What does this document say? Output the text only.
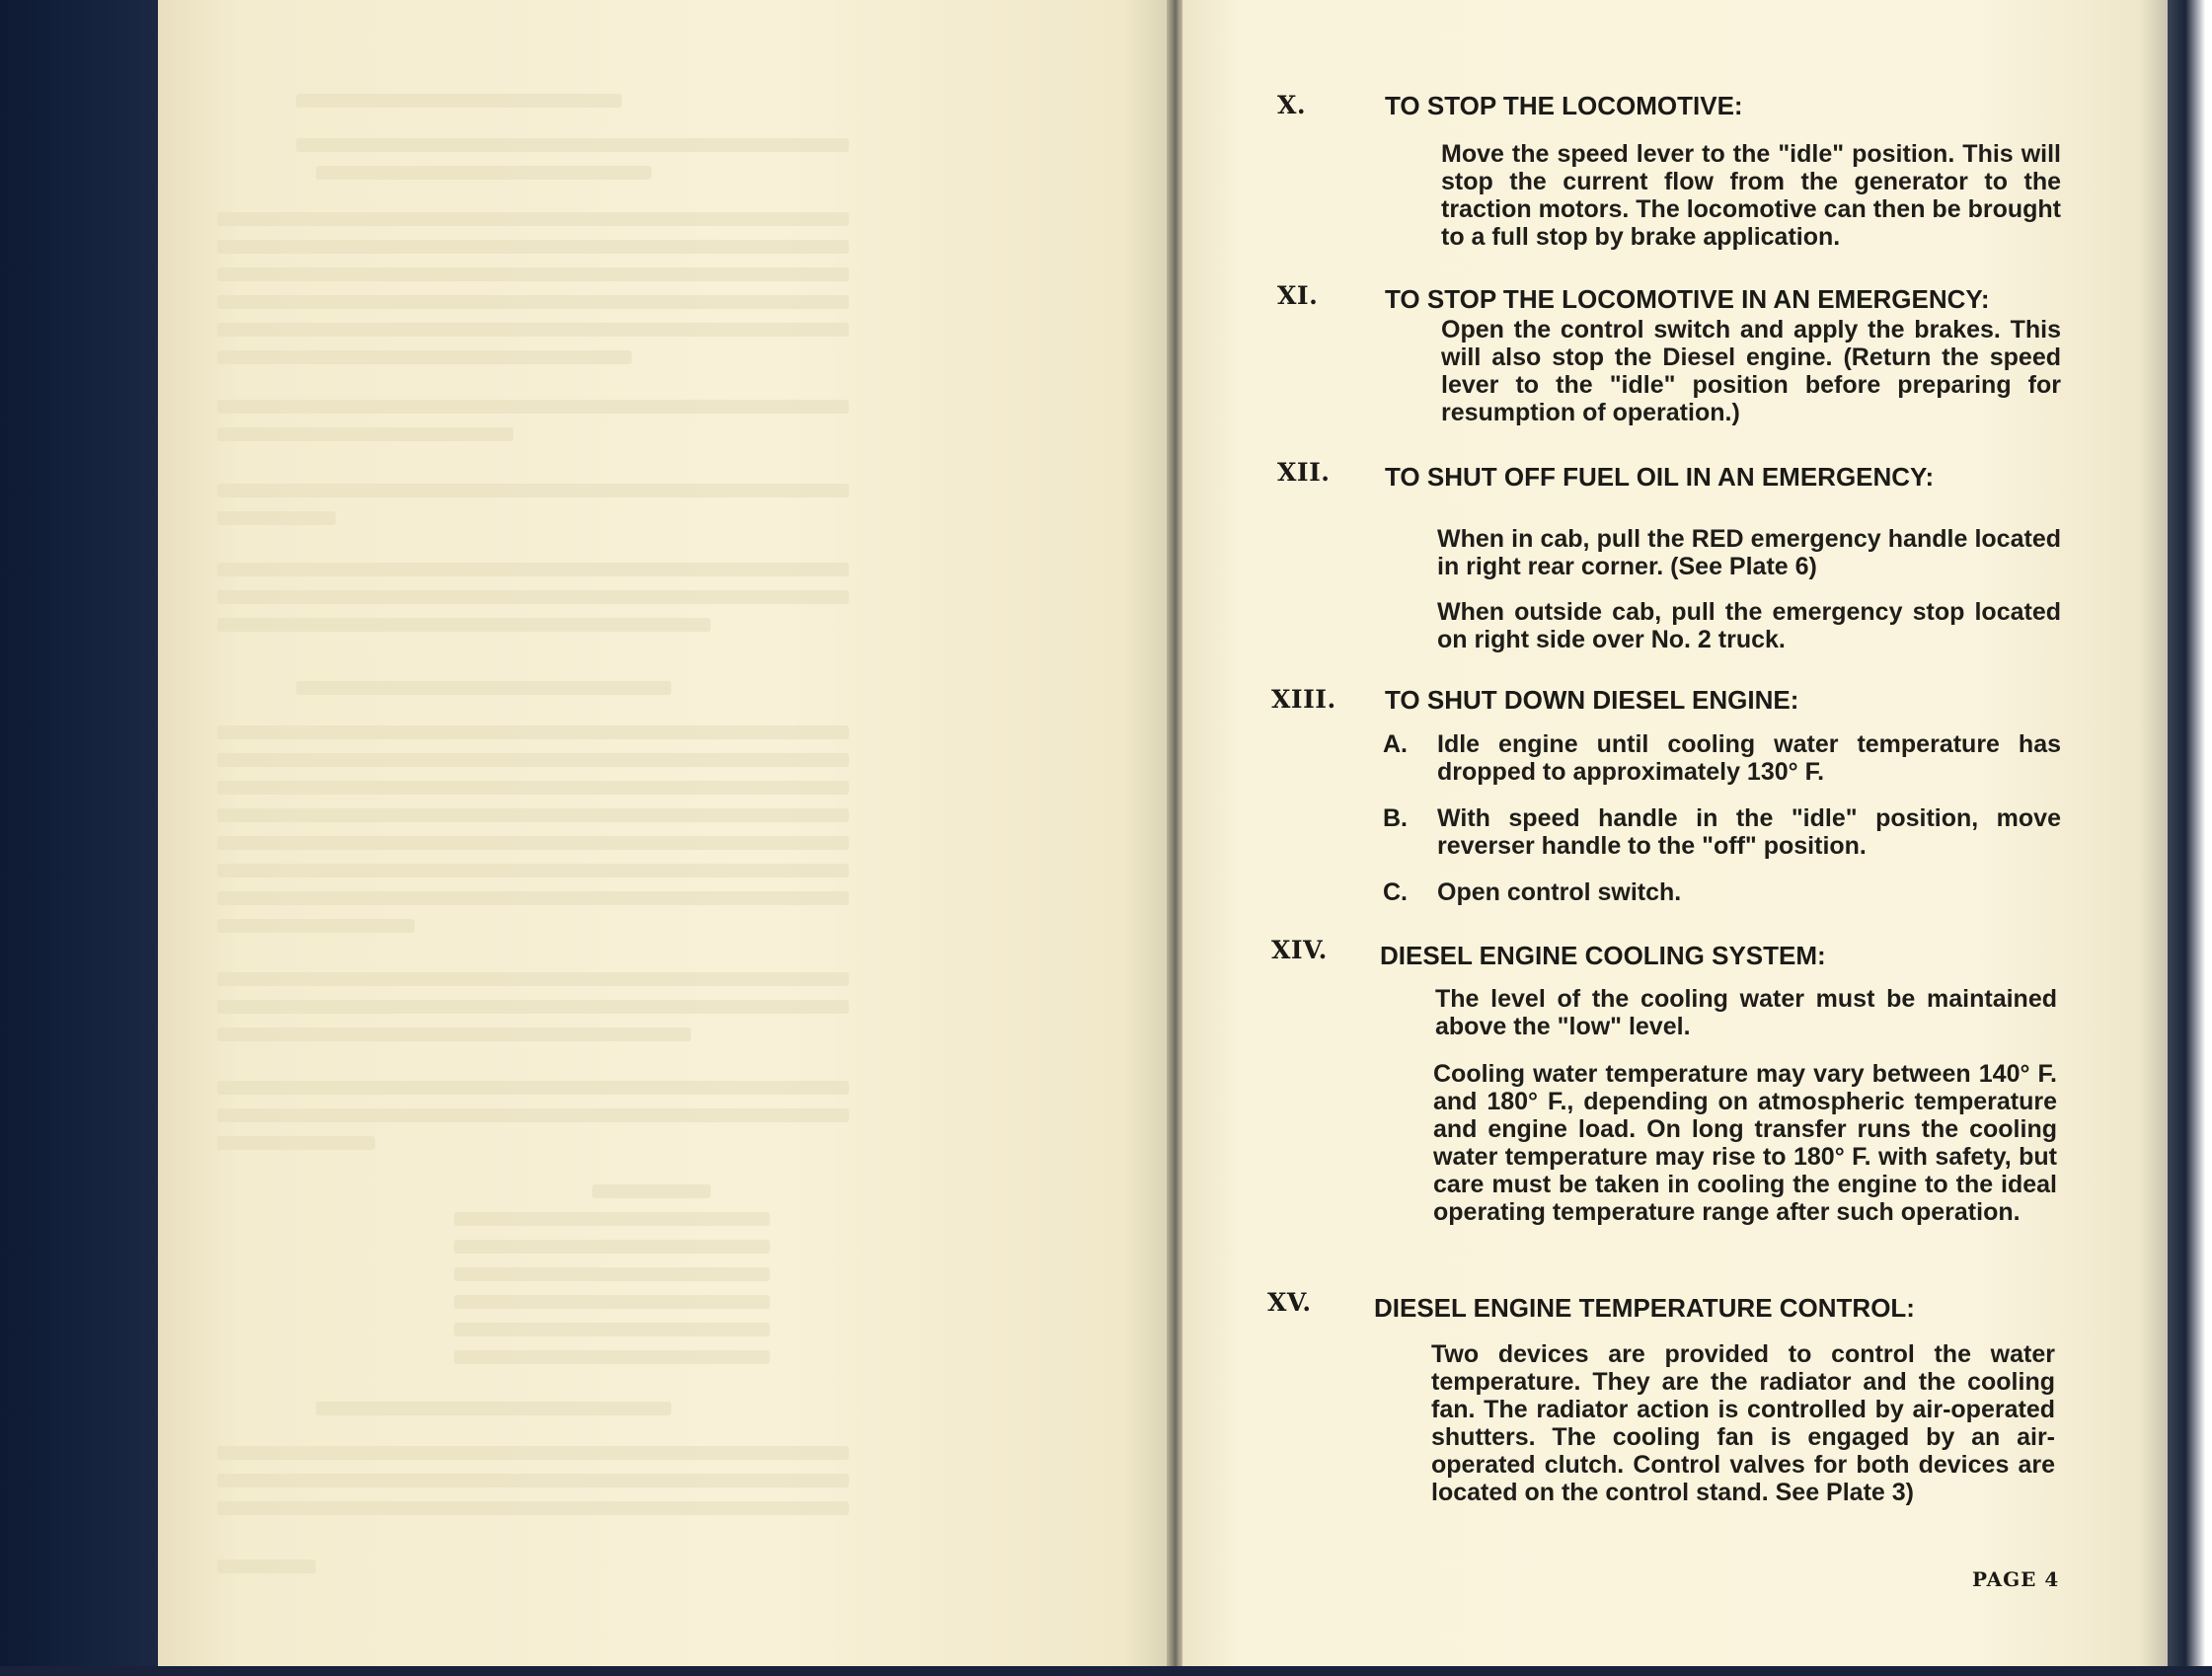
X.	TO STOP THE LOCOMOTIVE:
Move the speed lever to the "idle" position. This will stop the current flow from the generator to the traction motors. The locomotive can then be brought to a full stop by brake application.
XI.	TO STOP THE LOCOMOTIVE IN AN EMERGENCY:
Open the control switch and apply the brakes. This will also stop the Diesel engine. (Return the speed lever to the "idle" position before preparing for resumption of operation.)
XII. TO SHUT OFF FUEL OIL IN AN EMERGENCY:
When in cab, pull the RED emergency handle located in right rear corner. (See Plate 6)
When outside cab, pull the emergency stop located on right side over No. 2 truck.
XIII. TO SHUT DOWN DIESEL ENGINE:
A. Idle engine until cooling water temperature has dropped to approximately 130° F.
B. With speed handle in the "idle" position, move reverser handle to the "off" position.
C. Open control switch.
XIV. DIESEL ENGINE COOLING SYSTEM:
The level of the cooling water must be maintained above the "low" level.
Cooling water temperature may vary between 140° F. and 180° F., depending on atmospheric temperature and engine load. On long transfer runs the cooling water temperature may rise to 180° F. with safety, but care must be taken in cooling the engine to the ideal operating temperature range after such operation.
XV. DIESEL ENGINE TEMPERATURE CONTROL:
Two devices are provided to control the water temperature. They are the radiator and the cooling fan. The radiator action is controlled by air-operated shutters. The cooling fan is engaged by an air-operated clutch. Control valves for both devices are located on the control stand. See Plate 3)
PAGE 4
